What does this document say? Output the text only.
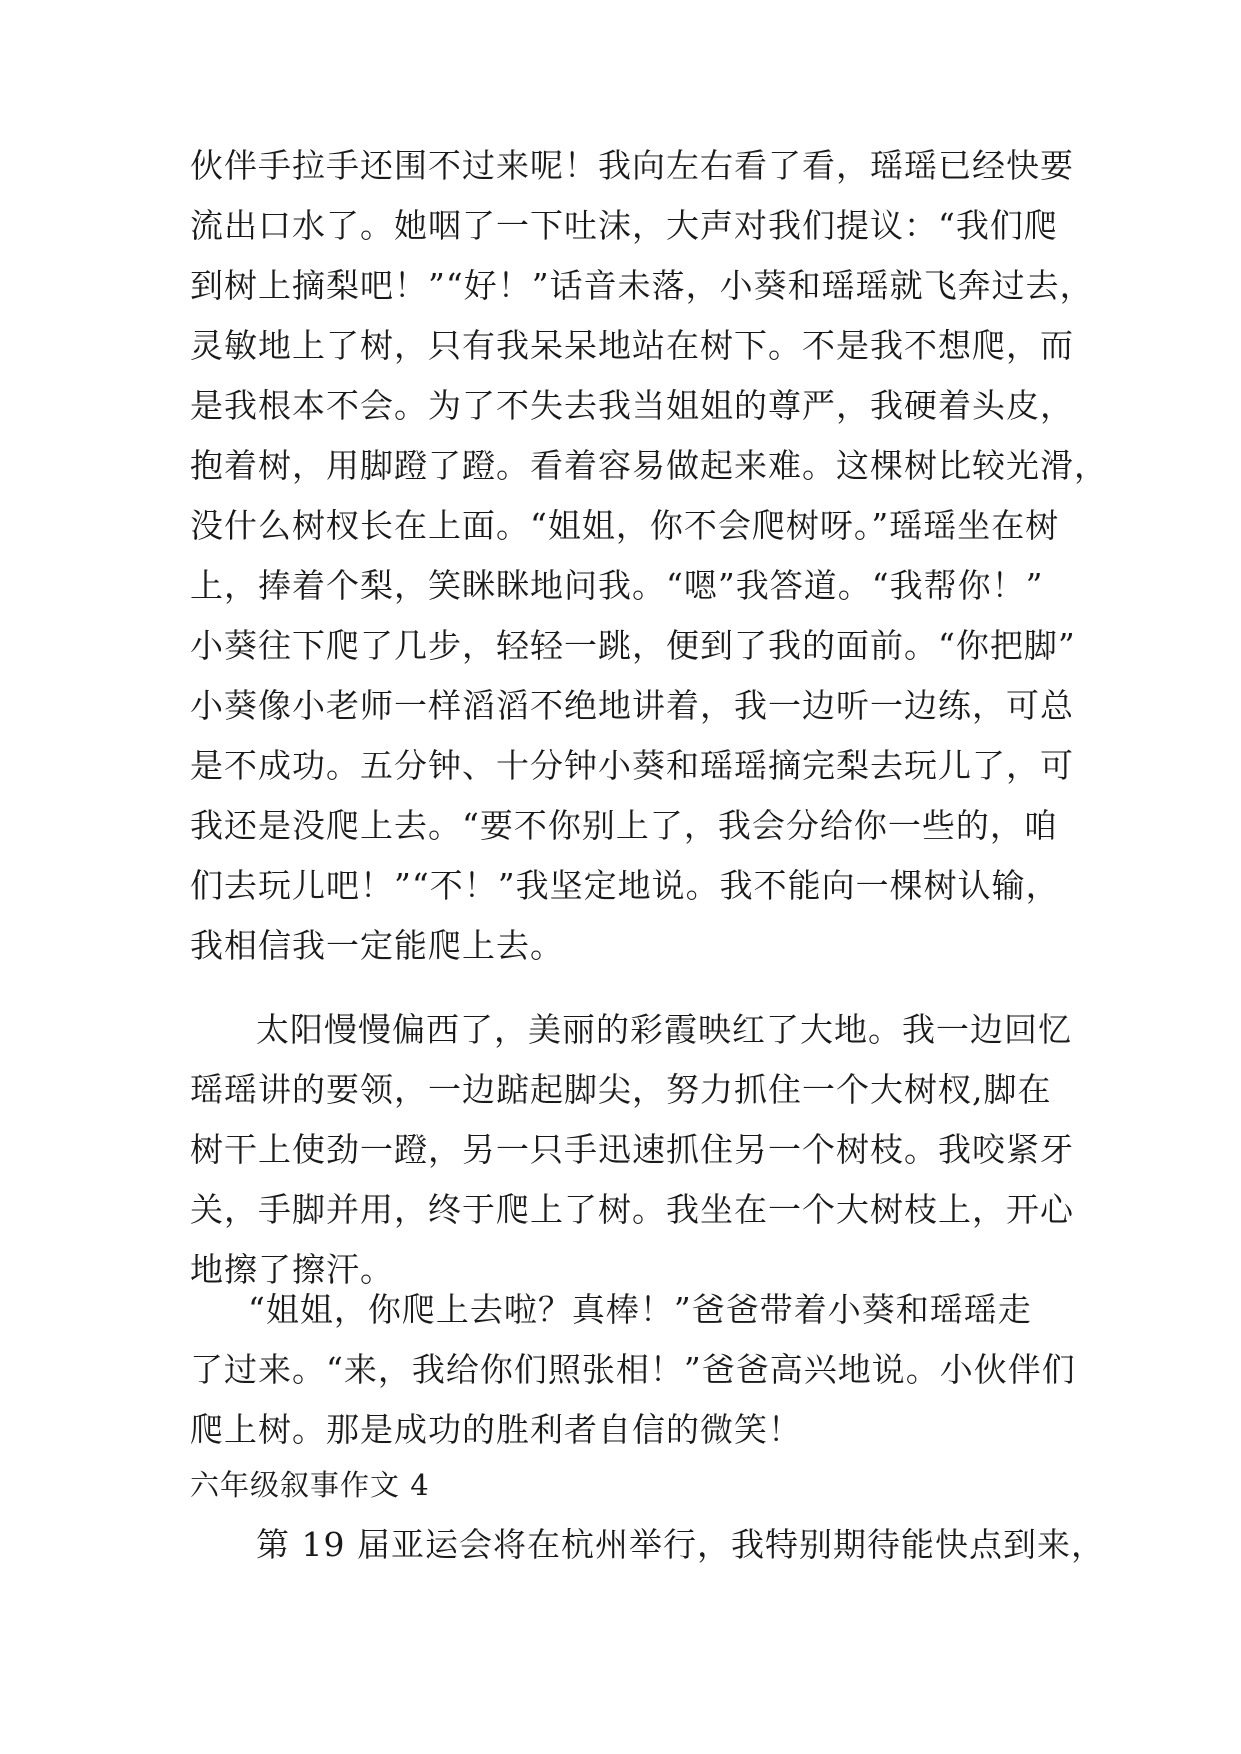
伙伴手拉手还围不过来呢！我向左右看了看，瑶瑶已经快要
流出口水了。她咽了一下吐沫，大声对我们提议：“我们爬
到树上摘梨吧！”“好！”话音未落，小葵和瑶瑶就飞奔过去，
灵敏地上了树，只有我呆呆地站在树下。不是我不想爬，而
是我根本不会。为了不失去我当姐姐的尊严，我硬着头皮，
抱着树，用脚蹬了蹬。看着容易做起来难。这棵树比较光滑，
没什么树杈长在上面。“姐姐，你不会爬树呀。”瑶瑶坐在树
上，捧着个梨，笑眯眯地问我。“嗯”我答道。“我帮你！”
小葵往下爬了几步，轻轻一跳，便到了我的面前。“你把脚”
小葵像小老师一样滔滔不绝地讲着，我一边听一边练，可总
是不成功。五分钟、十分钟小葵和瑶瑶摘完梨去玩儿了，可
我还是没爬上去。“要不你别上了，我会分给你一些的，咱
们去玩儿吧！”“不！”我坚定地说。我不能向一棵树认输，
我相信我一定能爬上去。
太阳慢慢偏西了，美丽的彩霞映红了大地。我一边回忆
瑶瑶讲的要领，一边踮起脚尖，努力抓住一个大树杈,脚在
树干上使劲一蹬，另一只手迅速抓住另一个树枝。我咬紧牙
关，手脚并用，终于爬上了树。我坐在一个大树枝上，开心
地擦了擦汗。
“姐姐，你爬上去啦？真棒！”爸爸带着小葵和瑶瑶走
了过来。“来，我给你们照张相！”爸爸高兴地说。小伙伴们
爬上树。那是成功的胜利者自信的微笑！
六年级叙事作文 4
第 19 届亚运会将在杭州举行，我特别期待能快点到来，
